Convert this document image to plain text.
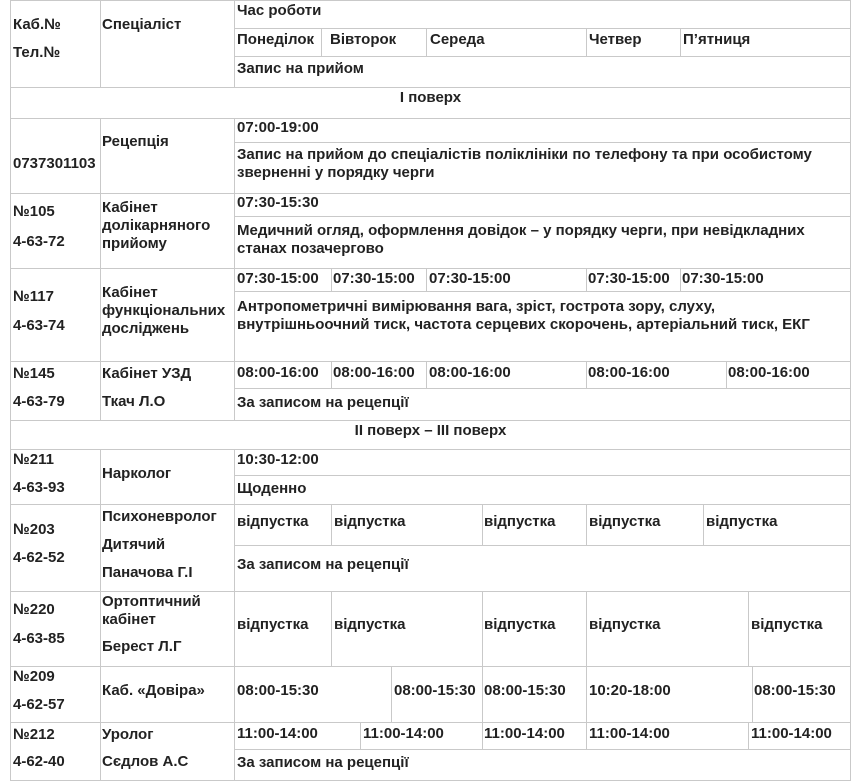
Каб.№
Тел.№
Спеціаліст
Час роботи
Понеділок Вівторок Середа	Четвер	П’ятниця
Запис на прийом
І поверх
0737301103
Рецепція
07:00-19:00
Запис на прийом до спеціалістів поліклініки по телефону та при особистому зверненні у порядку черги
№105
4-63-72
Кабінет долікарняного прийому
07:30-15:30
Медичний огляд, оформлення довідок – у порядку черги, при невідкладних станах позачергово
№117
4-63-74
Кабінет функціональних досліджень
07:30-15:00 07:30-15:00 07:30-15:00	07:30-15:00 07:30-15:00
Антропометричні вимірювання вага, зріст, гострота зору, слуху, внутрішньоочний тиск, частота серцевих скорочень, артеріальний тиск, ЕКГ
№145
4-63-79
Кабінет УЗД
Ткач Л.О
08:00-16:00 08:00-16:00 08:00-16:00	08:00-16:00	08:00-16:00
За записом на рецепції
ІІ поверх – ІІІ поверх
№211
4-63-93
Нарколог
10:30-12:00
Щоденно
№203
4-62-52
Психоневролог
Дитячий
Паначова Г.І
відпустка відпустка	відпустка відпустка	відпустка
За записом на рецепції
№220
4-63-85
Ортоптичний кабінет
Берест Л.Г
відпустка відпустка	відпустка відпустка	відпустка
№209
4-62-57
Каб. «Довіра» 08:00-15:30	08:00-15:30 08:00-15:30 10:20-18:00	08:00-15:30
№212
4-62-40
Уролог
Сєдлов А.С
11:00-14:00	11:00-14:00	11:00-14:00 11:00-14:00	11:00-14:00
За записом на рецепції
